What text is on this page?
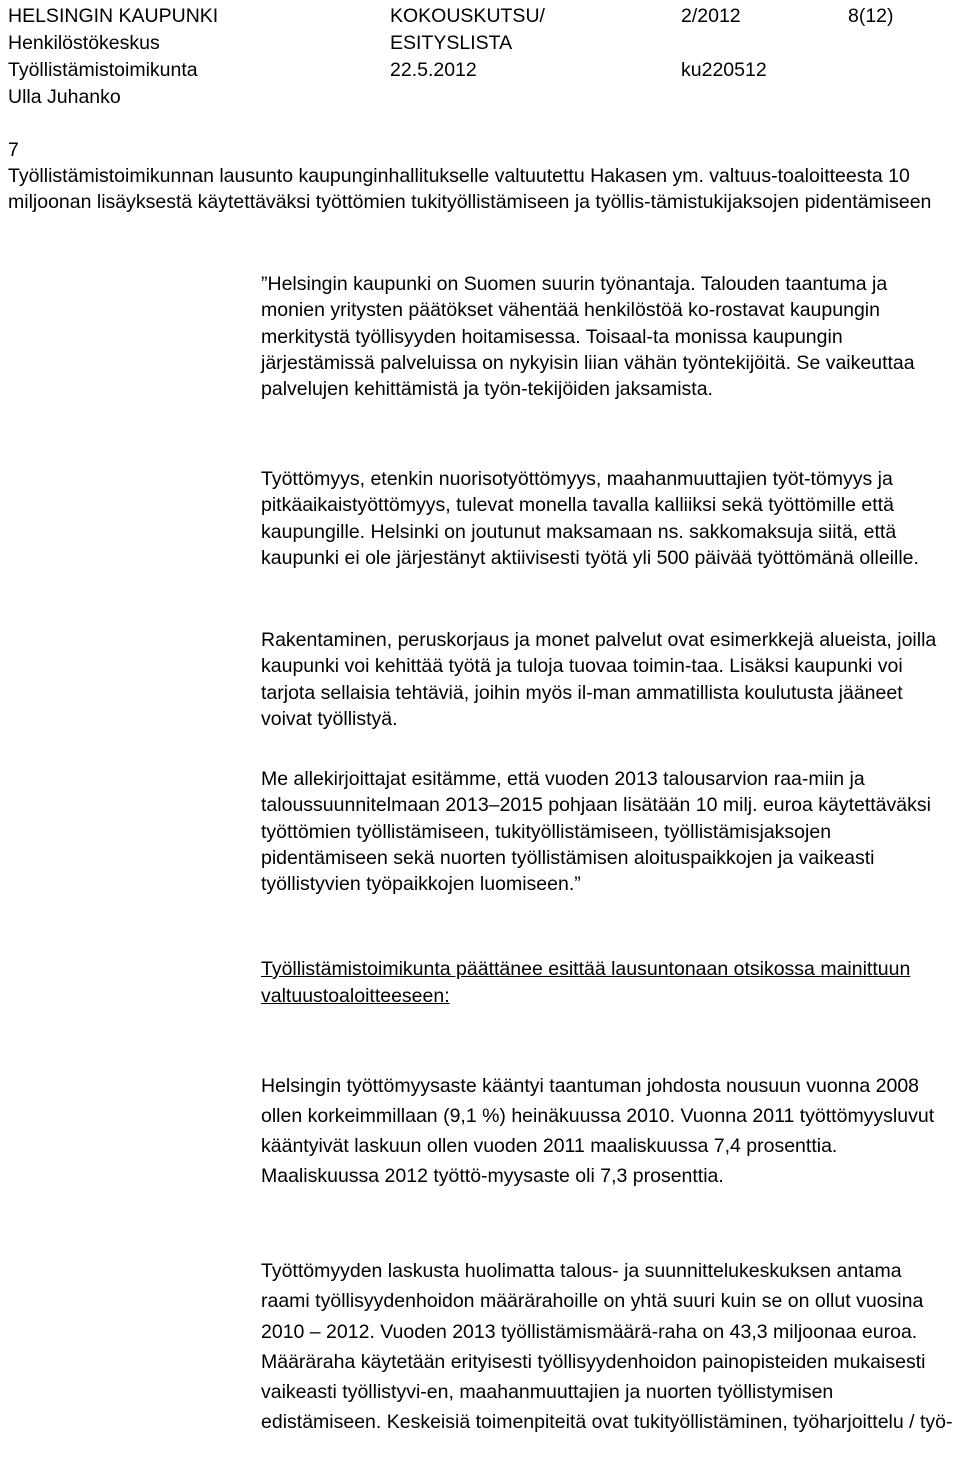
HELSINGIN KAUPUNKI	KOKOUSKUTSU/	2/2012	8(12)
Henkilöstökeskus	ESITYSLISTA
Työllistämistoimikunta	22.5.2012	ku220512
Ulla Juhanko
7
Työllistämistoimikunnan lausunto kaupunginhallitukselle valtuutettu Hakasen ym. valtuus-toaloitteesta 10 miljoonan lisäyksestä käytettäväksi työttömien tukityöllistämiseen ja työllis-tämistukijaksojen pidentämiseen

”Helsingin kaupunki on Suomen suurin työnantaja. Talouden taantuma ja monien yritysten päätökset vähentää henkilöstöä ko-rostavat kaupungin merkitystä työllisyyden hoitamisessa. Toisaal-ta monissa kaupungin järjestämissä palveluissa on nykyisin liian vähän työntekijöitä. Se vaikeuttaa palvelujen kehittämistä ja työn-tekijöiden jaksamista.

Työttömyys, etenkin nuorisotyöttömyys, maahanmuuttajien työt-tömyys ja pitkäaikaistyöttömyys, tulevat monella tavalla kalliiksi sekä työttömille että kaupungille. Helsinki on joutunut maksamaan ns. sakkomaksuja siitä, että kaupunki ei ole järjestänyt aktiivisesti työtä yli 500 päivää työttömänä olleille.

Rakentaminen, peruskorjaus ja monet palvelut ovat esimerkkejä alueista, joilla kaupunki voi kehittää työtä ja tuloja tuovaa toimin-taa. Lisäksi kaupunki voi tarjota sellaisia tehtäviä, joihin myös il-man ammatillista koulutusta jääneet voivat työllistyä.

Me allekirjoittajat esitämme, että vuoden 2013 talousarvion raa-miin ja taloussuunnitelmaan 2013–2015 pohjaan lisätään 10 milj. euroa käytettäväksi työttömien työllistämiseen, tukityöllistämiseen, työllistämisjaksojen pidentämiseen sekä nuorten työllistämisen aloituspaikkojen ja vaikeasti työllistyvien työpaikkojen luomiseen.”

Työllistämistoimikunta päättänee esittää lausuntonaan otsikossa mainittuun valtuustoaloitteeseen:

Helsingin työttömyysaste kääntyi taantuman johdosta nousuun vuonna 2008 ollen korkeimmillaan (9,1 %) heinäkuussa 2010. Vuonna 2011 työttömyysluvut kääntyivät laskuun ollen vuoden 2011 maaliskuussa 7,4 prosenttia. Maaliskuussa 2012 työttö-myysaste oli 7,3 prosenttia.

Työttömyyden laskusta huolimatta talous- ja suunnittelukeskuksen antama raami työllisyydenhoidon määrärahoille on yhtä suuri kuin se on ollut vuosina 2010 – 2012. Vuoden 2013 työllistämismäärä-raha on 43,3 miljoonaa euroa. Määräraha käytetään erityisesti työllisyydenhoidon painopisteiden mukaisesti vaikeasti työllistyvi-en, maahanmuuttajien ja nuorten työllistymisen edistämiseen. Keskeisiä toimenpiteitä ovat tukityöllistäminen, työharjoittelu / työ-
